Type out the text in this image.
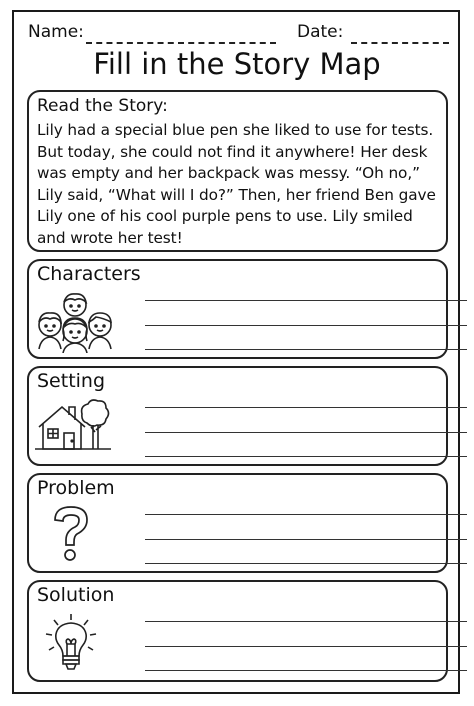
Name:	Date:
Fill in the Story Map
Read the Story:
Lily had a special blue pen she liked to use for tests. But today, she could not find it anywhere! Her desk was empty and her backpack was messy. “Oh no,” Lily said, “What will I do?” Then, her friend Ben gave Lily one of his cool purple pens to use. Lily smiled and wrote her test!
Characters
Setting
Problem
Solution
